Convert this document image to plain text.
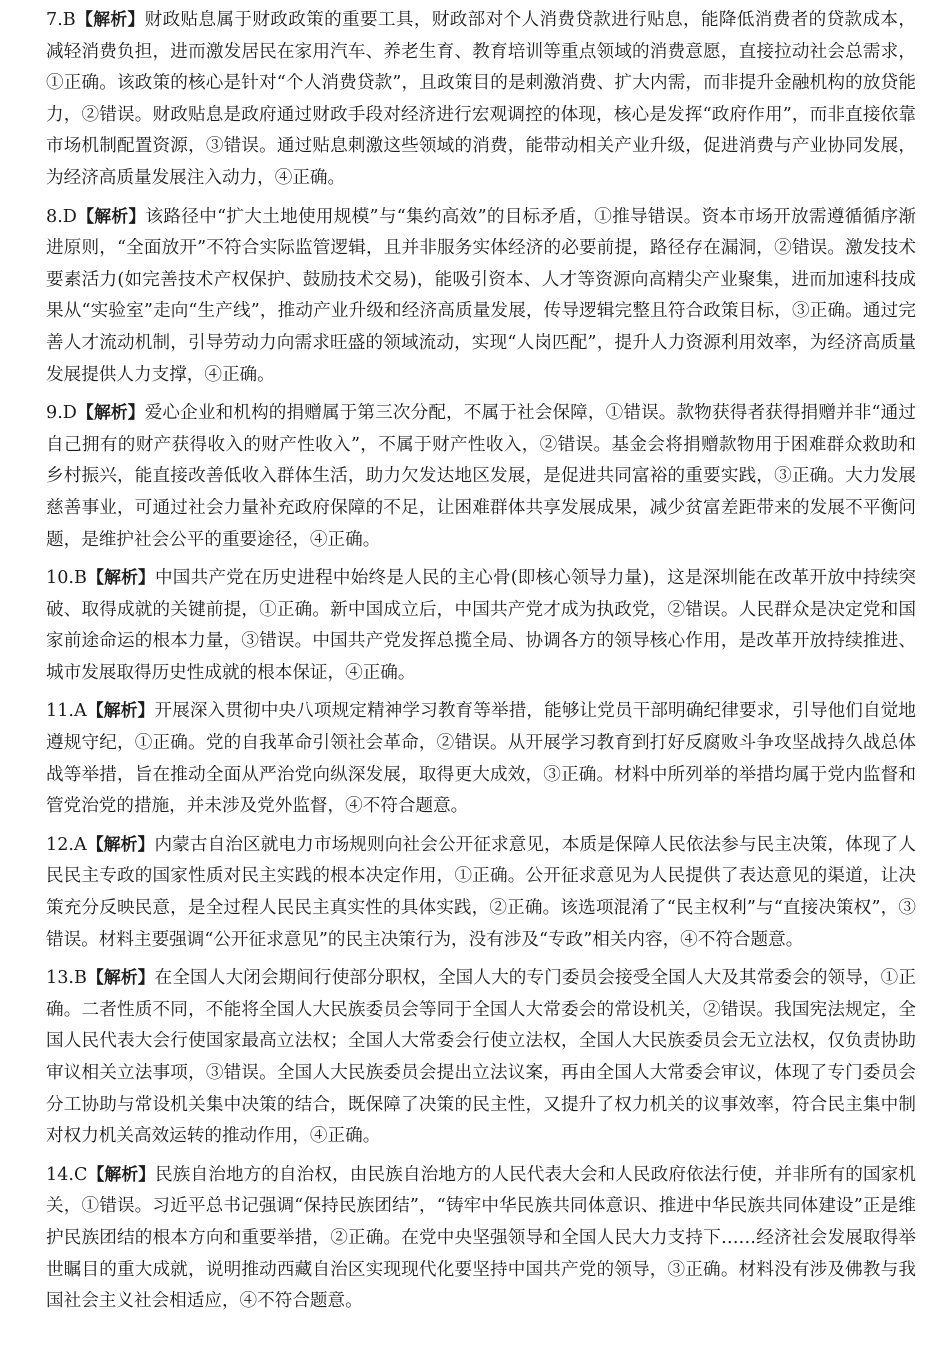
7.B【解析】财政贴息属于财政政策的重要工具，财政部对个人消费贷款进行贴息，能降低消费者的贷款成本，减轻消费负担，进而激发居民在家用汽车、养老生育、教育培训等重点领域的消费意愿，直接拉动社会总需求，①正确。该政策的核心是针对“个人消费贷款”，且政策目的是刺激消费、扩大内需，而非提升金融机构的放贷能力，②错误。财政贴息是政府通过财政手段对经济进行宏观调控的体现，核心是发挥“政府作用”，而非直接依靠市场机制配置资源，③错误。通过贴息刺激这些领域的消费，能带动相关产业升级，促进消费与产业协同发展，为经济高质量发展注入动力，④正确。

8.D【解析】该路径中“扩大土地使用规模”与“集约高效”的目标矛盾，①推导错误。资本市场开放需遵循循序渐进原则，“全面放开”不符合实际监管逻辑，且并非服务实体经济的必要前提，路径存在漏洞，②错误。激发技术要素活力(如完善技术产权保护、鼓励技术交易)，能吸引资本、人才等资源向高精尖产业聚集，进而加速科技成果从“实验室”走向“生产线”，推动产业升级和经济高质量发展，传导逻辑完整且符合政策目标，③正确。通过完善人才流动机制，引导劳动力向需求旺盛的领域流动，实现“人岗匹配”，提升人力资源利用效率，为经济高质量发展提供人力支撑，④正确。

9.D【解析】爱心企业和机构的捐赠属于第三次分配，不属于社会保障，①错误。款物获得者获得捐赠并非“通过自己拥有的财产获得收入的财产性收入”，不属于财产性收入，②错误。基金会将捐赠款物用于困难群众救助和乡村振兴，能直接改善低收入群体生活，助力欠发达地区发展，是促进共同富裕的重要实践，③正确。大力发展慈善事业，可通过社会力量补充政府保障的不足，让困难群体共享发展成果，减少贫富差距带来的发展不平衡问题，是维护社会公平的重要途径，④正确。

10.B【解析】中国共产党在历史进程中始终是人民的主心骨(即核心领导力量)，这是深圳能在改革开放中持续突破、取得成就的关键前提，①正确。新中国成立后，中国共产党才成为执政党，②错误。人民群众是决定党和国家前途命运的根本力量，③错误。中国共产党发挥总揽全局、协调各方的领导核心作用，是改革开放持续推进、城市发展取得历史性成就的根本保证，④正确。

11.A【解析】开展深入贯彻中央八项规定精神学习教育等举措，能够让党员干部明确纪律要求，引导他们自觉地遵规守纪，①正确。党的自我革命引领社会革命，②错误。从开展学习教育到打好反腐败斗争攻坚战持久战总体战等举措，旨在推动全面从严治党向纵深发展，取得更大成效，③正确。材料中所列举的举措均属于党内监督和管党治党的措施，并未涉及党外监督，④不符合题意。

12.A【解析】内蒙古自治区就电力市场规则向社会公开征求意见，本质是保障人民依法参与民主决策，体现了人民民主专政的国家性质对民主实践的根本决定作用，①正确。公开征求意见为人民提供了表达意见的渠道，让决策充分反映民意，是全过程人民民主真实性的具体实践，②正确。该选项混淆了“民主权利”与“直接决策权”，③错误。材料主要强调“公开征求意见”的民主决策行为，没有涉及“专政”相关内容，④不符合题意。

13.B【解析】在全国人大闭会期间行使部分职权，全国人大的专门委员会接受全国人大及其常委会的领导，①正确。二者性质不同，不能将全国人大民族委员会等同于全国人大常委会的常设机关，②错误。我国宪法规定，全国人民代表大会行使国家最高立法权；全国人大常委会行使立法权，全国人大民族委员会无立法权，仅负责协助审议相关立法事项，③错误。全国人大民族委员会提出立法议案，再由全国人大常委会审议，体现了专门委员会分工协助与常设机关集中决策的结合，既保障了决策的民主性，又提升了权力机关的议事效率，符合民主集中制对权力机关高效运转的推动作用，④正确。

14.C【解析】民族自治地方的自治权，由民族自治地方的人民代表大会和人民政府依法行使，并非所有的国家机关，①错误。习近平总书记强调“保持民族团结”，“铸牢中华民族共同体意识、推进中华民族共同体建设”正是维护民族团结的根本方向和重要举措，②正确。在党中央坚强领导和全国人民大力支持下……经济社会发展取得举世瞩目的重大成就，说明推动西藏自治区实现现代化要坚持中国共产党的领导，③正确。材料没有涉及佛教与我国社会主义社会相适应，④不符合题意。
